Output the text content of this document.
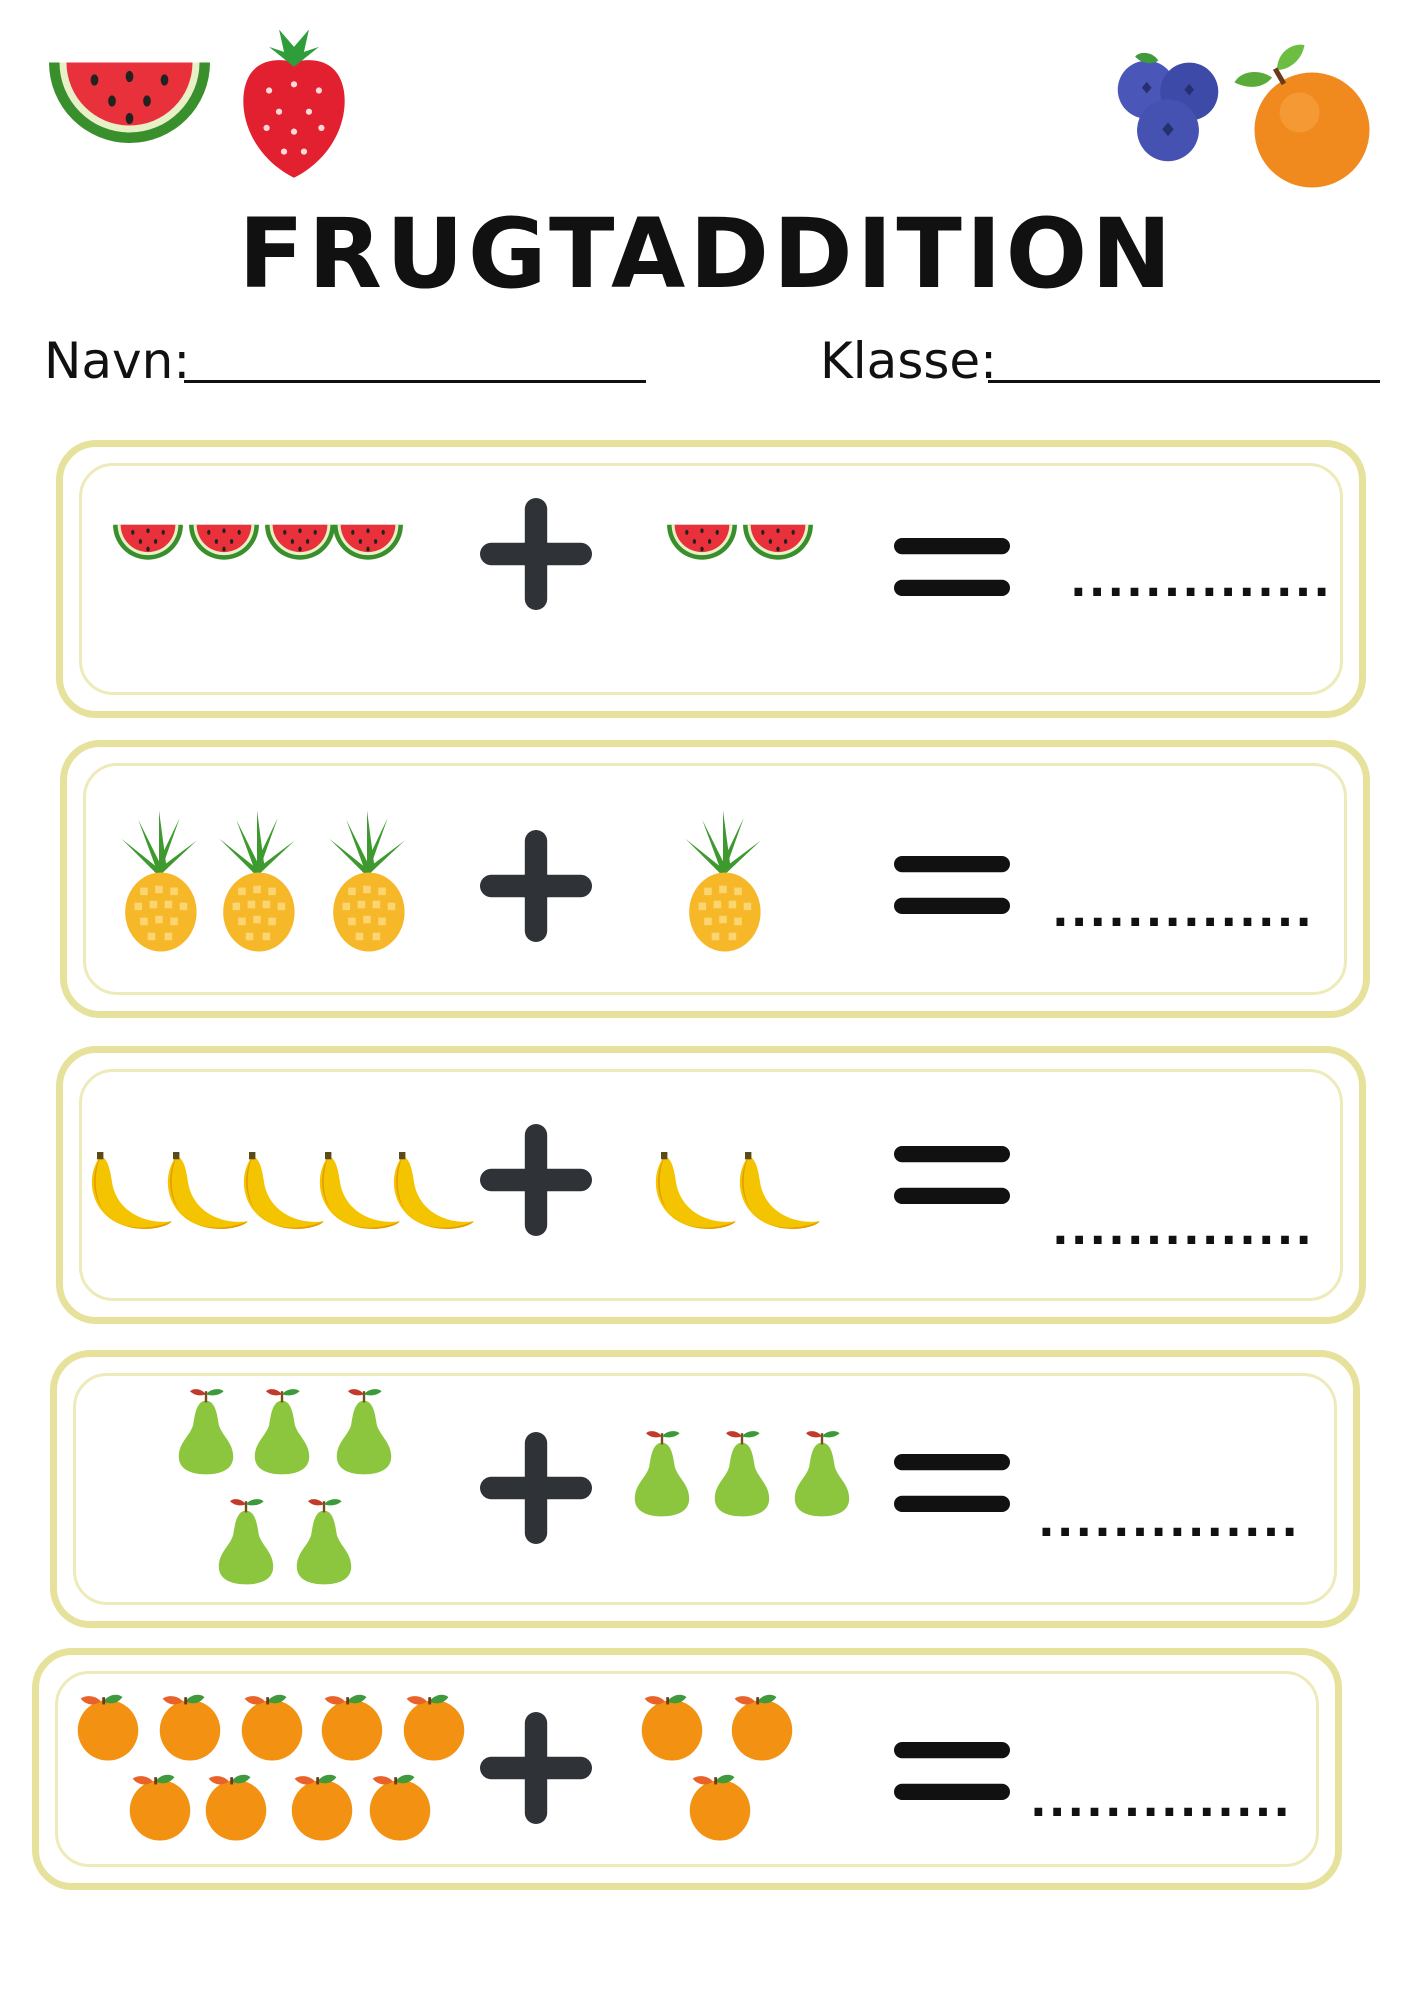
FRUGTADDITION
Navn:	Klasse:
..............
..............
..............
..............
..............
